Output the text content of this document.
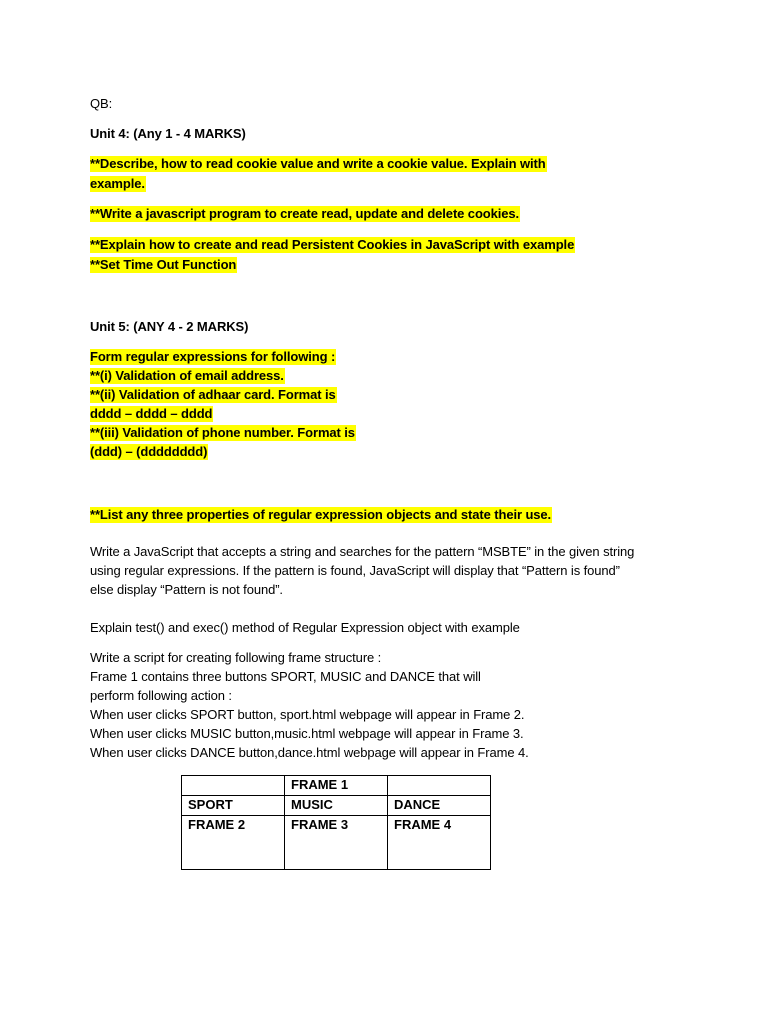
QB:
Unit 4: (Any 1 - 4 MARKS)
**Describe, how to read cookie value and write a cookie value. Explain with
example.
**Write a javascript program to create read, update and delete cookies.
**Explain how to create and read Persistent Cookies in JavaScript with example
**Set Time Out Function
Unit 5: (ANY 4 - 2 MARKS)
Form regular expressions for following :
**(i) Validation of email address.
**(ii) Validation of adhaar card. Format is
dddd – dddd – dddd
**(iii) Validation of phone number. Format is
(ddd) – (dddddddd)
**List any three properties of regular expression objects and state their use.
Write a JavaScript that accepts a string and searches for the pattern “MSBTE” in the given string
using regular expressions. If the pattern is found, JavaScript will display that “Pattern is found”
else display “Pattern is not found”.
Explain test() and exec() method of Regular Expression object with example
Write a script for creating following frame structure :
Frame 1 contains three buttons SPORT, MUSIC and DANCE that will
perform following action :
When user clicks SPORT button, sport.html webpage will appear in Frame 2.
When user clicks MUSIC button,music.html webpage will appear in Frame 3.
When user clicks DANCE button,dance.html webpage will appear in Frame 4.
	FRAME 1	
SPORT	MUSIC	DANCE
FRAME 2	FRAME 3	FRAME 4
